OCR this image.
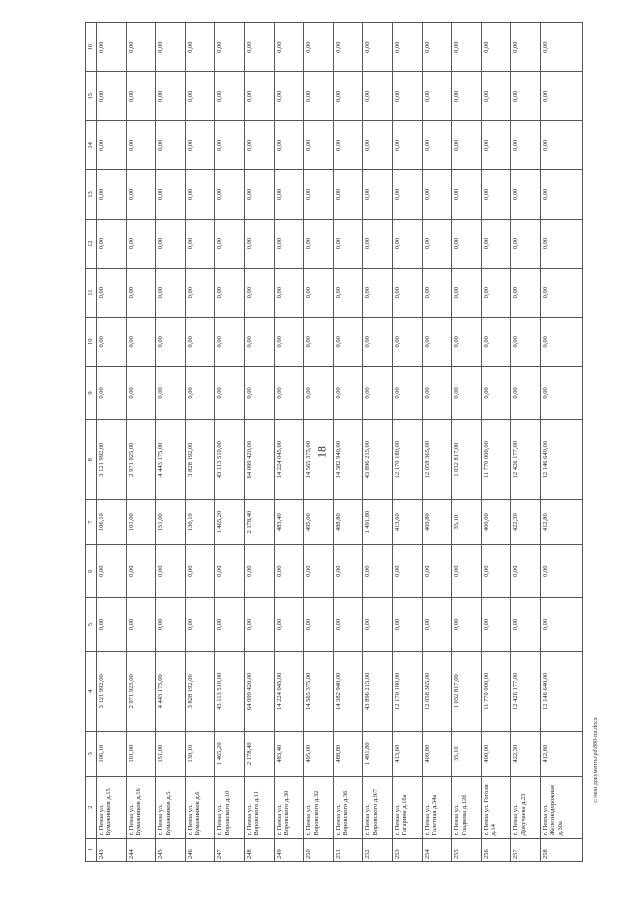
18
1	2	3	4	5	6	7	8	9	10	11	12	13	14	15	16
243	г. Пенза ул. Бумажников д.15	106,10	3 121 992,00	0,00	0,00	106,10	3 121 992,00	0,00	0,00	0,00	0,00	0,00	0,00	0,00	0,00
244	г. Пенза ул. Бумажников д.16	101,00	2 971 925,00	0,00	0,00	101,00	2 971 925,00	0,00	0,00	0,00	0,00	0,00	0,00	0,00	0,00
245	г. Пенза ул. Бумажников д.5	151,00	4 443 175,00	0,00	0,00	151,00	4 443 175,00	0,00	0,00	0,00	0,00	0,00	0,00	0,00	0,00
246	г. Пенза ул. Бумажников д.6	130,10	3 828 192,00	0,00	0,00	130,10	3 828 192,00	0,00	0,00	0,00	0,00	0,00	0,00	0,00	0,00
247	г. Пенза ул. Воровского д.10	1 465,20	43 113 510,00	0,00	0,00	1 465,20	43 113 510,00	0,00	0,00	0,00	0,00	0,00	0,00	0,00	0,00
248	г. Пенза ул. Воровского д.11	2 178,40	64 099 420,00	0,00	0,00	2 178,40	64 099 420,00	0,00	0,00	0,00	0,00	0,00	0,00	0,00	0,00
249	г. Пенза ул. Воровского д.30	483,40	14 224 045,00	0,00	0,00	483,40	14 224 045,00	0,00	0,00	0,00	0,00	0,00	0,00	0,00	0,00
250	г. Пенза ул. Воровского д.32	495,00	14 565 375,00	0,00	0,00	495,00	14 565 375,00	0,00	0,00	0,00	0,00	0,00	0,00	0,00	0,00
251	г. Пенза ул. Воровского д.36	488,80	14 382 940,00	0,00	0,00	488,80	14 382 940,00	0,00	0,00	0,00	0,00	0,00	0,00	0,00	0,00
252	г. Пенза ул. Воровского д.9/7	1 491,80	43 896 215,00	0,00	0,00	1 491,80	43 896 215,00	0,00	0,00	0,00	0,00	0,00	0,00	0,00	0,00
253	г. Пенза ул. Гагарина д.16а	413,60	12 170 180,00	0,00	0,00	413,60	12 170 180,00	0,00	0,00	0,00	0,00	0,00	0,00	0,00	0,00
254	г. Пенза ул. Галетная д.34а	409,80	12 058 365,00	0,00	0,00	409,80	12 058 365,00	0,00	0,00	0,00	0,00	0,00	0,00	0,00	0,00
255	г. Пенза ул. Гладкова д.12б	35,10	1 032 817,00	0,00	0,00	35,10	1 032 817,00	0,00	0,00	0,00	0,00	0,00	0,00	0,00	0,00
256	г. Пенза ул. Гоголя д.14	400,00	11 770 000,00	0,00	0,00	400,00	11 770 000,00	0,00	0,00	0,00	0,00	0,00	0,00	0,00	0,00
257	г. Пенза ул. Докучаева д.23	422,30	12 426 177,00	0,00	0,00	422,30	12 426 177,00	0,00	0,00	0,00	0,00	0,00	0,00	0,00	0,00
258	г. Пенза ул. Железнодорожная д.30а	412,80	12 146 640,00	0,00	0,00	412,80	12 146 640,00	0,00	0,00	0,00	0,00	0,00	0,00	0,00	0,00
c:\мои документы\pd\880-пп.docx
